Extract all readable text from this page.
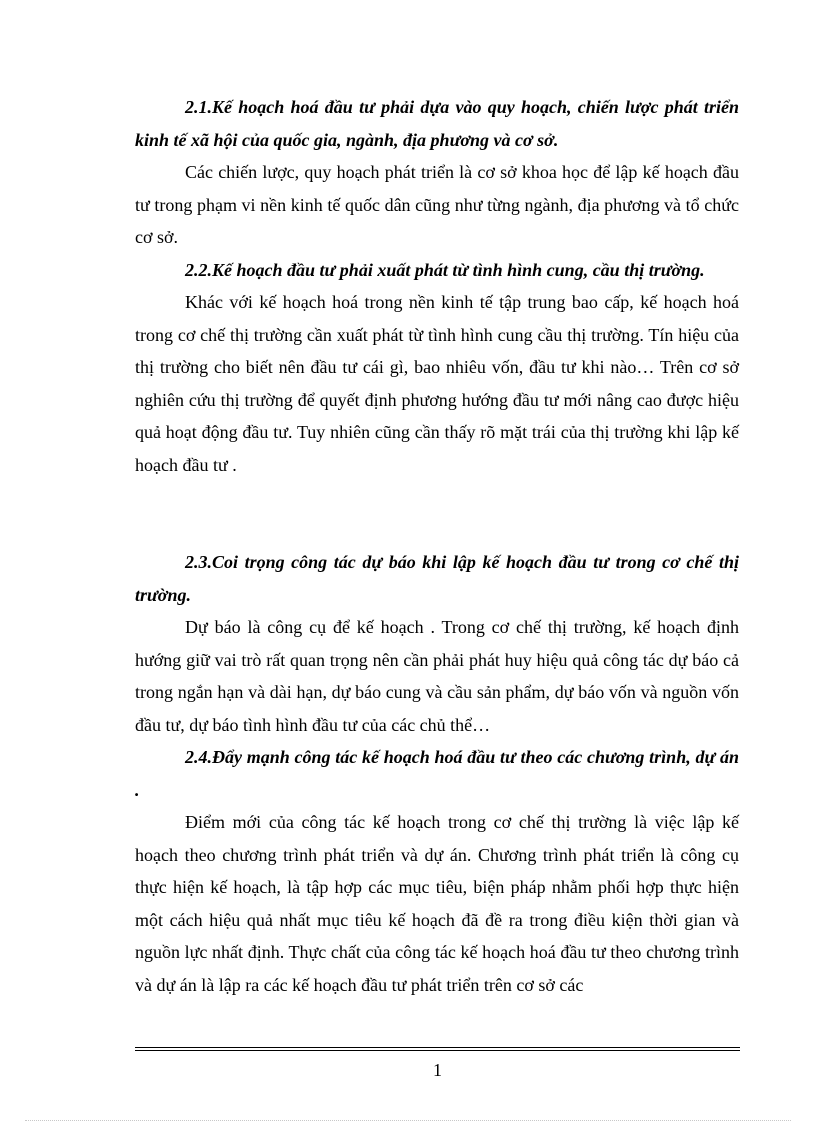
2.1.Kế hoạch hoá đầu tư phải dựa vào quy hoạch, chiến lược phát triển kinh tế xã hội của quốc gia, ngành, địa phương và cơ sở.

Các chiến lược, quy hoạch phát triển là cơ sở khoa học để lập kế hoạch đầu tư trong phạm vi nền kinh tế quốc dân cũng như từng ngành, địa phương và tổ chức cơ sở.

2.2.Kế hoạch đầu tư phải xuất phát từ tình hình cung, cầu thị trường.

Khác với kế hoạch hoá trong nền kinh tế tập trung bao cấp, kế hoạch hoá trong cơ chế thị trường cần xuất phát từ tình hình cung cầu thị trường. Tín hiệu của thị trường cho biết nên đầu tư cái gì, bao nhiêu vốn, đầu tư khi nào… Trên cơ sở nghiên cứu thị trường để quyết định phương hướng đầu tư mới nâng cao được hiệu quả hoạt động đầu tư. Tuy nhiên cũng cần thấy rõ mặt trái của thị trường khi lập kế hoạch đầu tư .

2.3.Coi trọng công tác dự báo khi lập kế hoạch đầu tư trong cơ chế thị trường.

Dự báo là công cụ để kế hoạch . Trong cơ chế thị trường, kế hoạch định hướng giữ vai trò rất quan trọng nên cần phải phát huy hiệu quả công tác dự báo cả trong ngắn hạn và dài hạn, dự báo cung và cầu sản phẩm, dự báo vốn và nguồn vốn đầu tư, dự báo tình hình đầu tư của các chủ thể…

2.4.Đẩy mạnh công tác kế hoạch hoá đầu tư theo các chương trình, dự án .

Điểm mới của công tác kế hoạch trong cơ chế thị trường là việc lập kế hoạch theo chương trình phát triển và dự án. Chương trình phát triển là công cụ thực hiện kế hoạch, là tập hợp các mục tiêu, biện pháp nhằm phối hợp thực hiện một cách hiệu quả nhất mục tiêu kế hoạch đã đề ra trong điều kiện thời gian và nguồn lực nhất định. Thực chất của công tác kế hoạch hoá đầu tư theo chương trình và dự án là lập ra các kế hoạch đầu tư phát triển trên cơ sở các

1
